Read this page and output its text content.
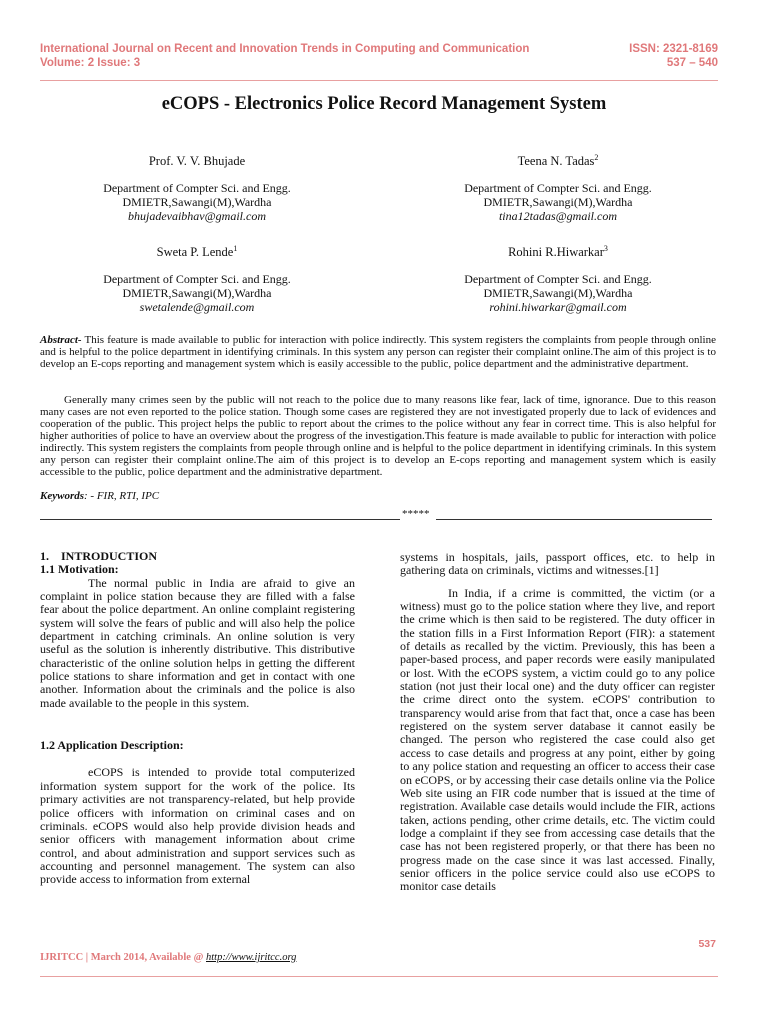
International Journal on Recent and Innovation Trends in Computing and Communication
Volume: 2 Issue: 3
ISSN: 2321-8169
537 – 540
eCOPS - Electronics Police Record Management System
Prof. V. V. Bhujade
Department of Compter Sci. and Engg.
DMIETR,Sawangi(M),Wardha
bhujadevaibhav@gmail.com
Teena N. Tadas$^2$
Department of Compter Sci. and Engg.
DMIETR,Sawangi(M),Wardha
tina12tadas@gmail.com
Sweta P. Lende$^1$
Department of Compter Sci. and Engg.
DMIETR,Sawangi(M),Wardha
swetalende@gmail.com
Rohini R.Hiwarkar$^3$
Department of Compter Sci. and Engg.
DMIETR,Sawangi(M),Wardha
rohini.hiwarkar@gmail.com

Abstract- This feature is made available to public for interaction with police indirectly. This system registers the complaints from people through online and is helpful to the police department in identifying criminals. In this system any person can register their complaint online.The aim of this project is to develop an E-cops reporting and management system which is easily accessible to the public, police department and the administrative department.

Generally many crimes seen by the public will not reach to the police due to many reasons like fear, lack of time, ignorance. Due to this reason many cases are not even reported to the police station. Though some cases are registered they are not investigated properly due to lack of evidences and cooperation of the public. This project helps the public to report about the crimes to the police without any fear in correct time. This is also helpful for higher authorities of police to have an overview about the progress of the investigation.This feature is made available to public for interaction with police indirectly. This system registers the complaints from people through online and is helpful to the police department in identifying criminals. In this system any person can register their complaint online.The aim of this project is to develop an E-cops reporting and management system which is easily accessible to the public, police department and the administrative department.

Keywords: - FIR, RTI, IPC
*****

1. INTRODUCTION

1.1 Motivation:

The normal public in India are afraid to give an complaint in police station because they are filled with a false fear about the police department. An online complaint registering system will solve the fears of public and will also help the police department in catching criminals. An online solution is very useful as the solution is inherently distributive. This distributive characteristic of the online solution helps in getting the different police stations to share information and get in contact with one another. Information about the criminals and the police is also made available to the people in this system.

1.2 Application Description:

eCOPS is intended to provide total computerized information system support for the work of the police. Its primary activities are not transparency-related, but help provide police officers with information on criminal cases and on criminals. eCOPS would also help provide division heads and senior officers with management information about crime control, and about administration and support services such as accounting and personnel management. The system can also provide access to information from external

systems in hospitals, jails, passport offices, etc. to help in gathering data on criminals, victims and witnesses.[1]

In India, if a crime is committed, the victim (or a witness) must go to the police station where they live, and report the crime which is then said to be registered. The duty officer in the station fills in a First Information Report (FIR): a statement of details as recalled by the victim. Previously, this has been a paper-based process, and paper records were easily manipulated or lost. With the eCOPS system, a victim could go to any police station (not just their local one) and the duty officer can register the crime direct onto the system. eCOPS' contribution to transparency would arise from that fact that, once a case has been registered on the system server database it cannot easily be changed. The person who registered the case could also get access to case details and progress at any point, either by going to any police station and requesting an officer to access their case on eCOPS, or by accessing their case details online via the Police Web site using an FIR code number that is issued at the time of registration. Available case details would include the FIR, actions taken, actions pending, other crime details, etc. The victim could lodge a complaint if they see from accessing case details that the case has not been registered properly, or that there has been no progress made on the case since it was last accessed. Finally, senior officers in the police service could also use eCOPS to monitor case details

537
IJRITCC | March 2014, Available @ http://www.ijritcc.org
